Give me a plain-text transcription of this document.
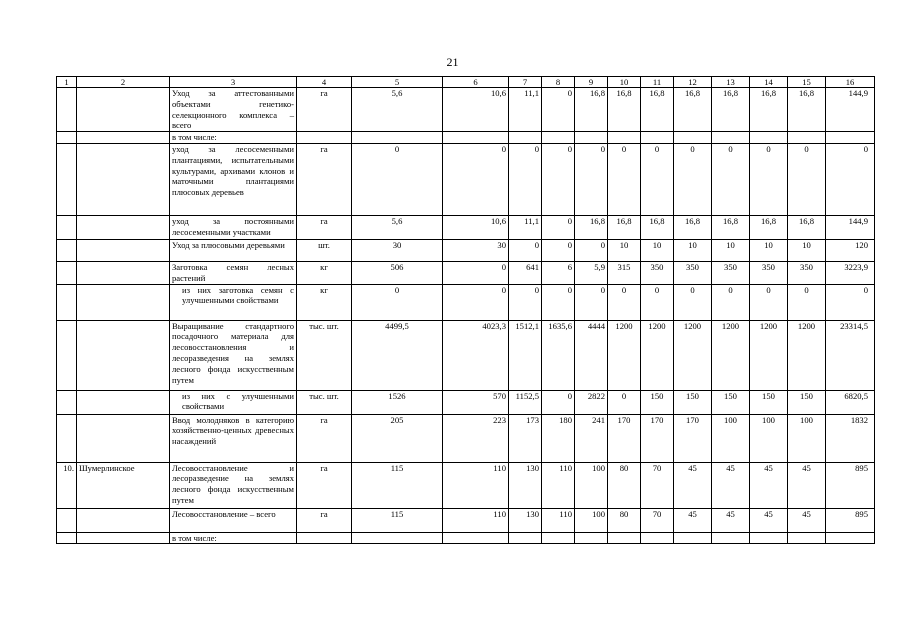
21
1	2	3	4	5	6	7	8	9	10	11	12	13	14	15	16
		Уход за аттестованными объектами генетико-селекционного комплекса – всего	га	5,6	10,6	11,1	0	16,8	16,8	16,8	16,8	16,8	16,8	16,8	144,9
		в том числе:													
		уход за лесосеменными плантациями, испытательными культурами, архивами клонов и маточными плантациями плюсовых деревьев	га	0	0	0	0	0	0	0	0	0	0	0	0
		уход за постоянными лесосеменными участками	га	5,6	10,6	11,1	0	16,8	16,8	16,8	16,8	16,8	16,8	16,8	144,9
		Уход за плюсовыми деревьями	шт.	30	30	0	0	0	10	10	10	10	10	10	120
		Заготовка семян лесных растений	кг	506	0	641	6	5,9	315	350	350	350	350	350	3223,9
		из них заготовка семян с улучшенными свойствами	кг	0	0	0	0	0	0	0	0	0	0	0	0
		Выращивание стандартного посадочного материала для лесовосстановления и лесоразведения на землях лесного фонда искусственным путем	тыс. шт.	4499,5	4023,3	1512,1	1635,6	4444	1200	1200	1200	1200	1200	1200	23314,5
		из них с улучшенными свойствами	тыс. шт.	1526	570	1152,5	0	2822	0	150	150	150	150	150	6820,5
		Ввод молодняков в категорию хозяйственно-ценных древесных насаждений	га	205	223	173	180	241	170	170	170	100	100	100	1832
10.	Шумерлинское	Лесовосстановление и лесоразведение на землях лесного фонда искусственным путем	га	115	110	130	110	100	80	70	45	45	45	45	895
		Лесовосстановление – всего	га	115	110	130	110	100	80	70	45	45	45	45	895
		в том числе:													
